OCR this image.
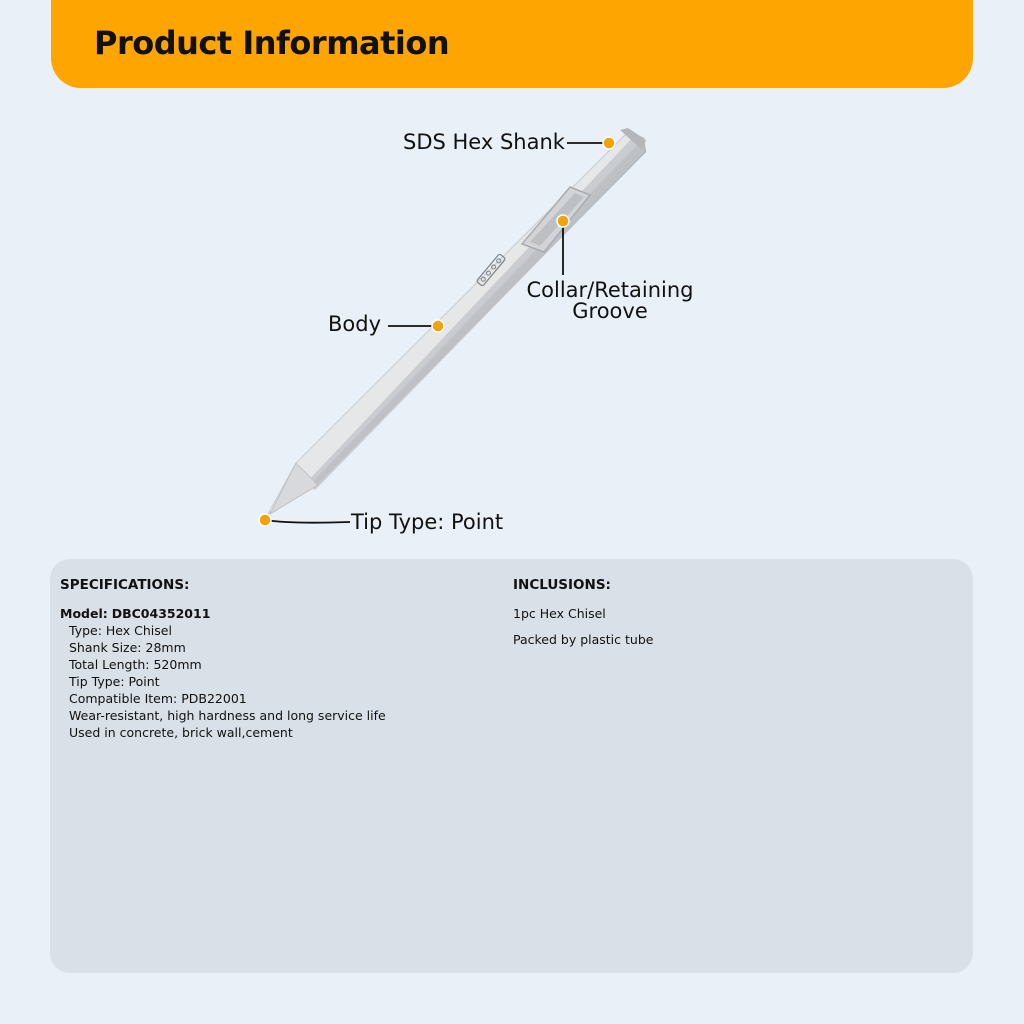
Product Information
SDS Hex Shank
Body
Collar/Retaining Groove
Tip Type: Point
SPECIFICATIONS:
Model: DBC04352011
Type: Hex Chisel
Shank Size: 28mm
Total Length: 520mm
Tip Type: Point
Compatible Item: PDB22001
Wear-resistant, high hardness and long service life
Used in concrete, brick wall,cement
INCLUSIONS:
1pc Hex Chisel
Packed by plastic tube
